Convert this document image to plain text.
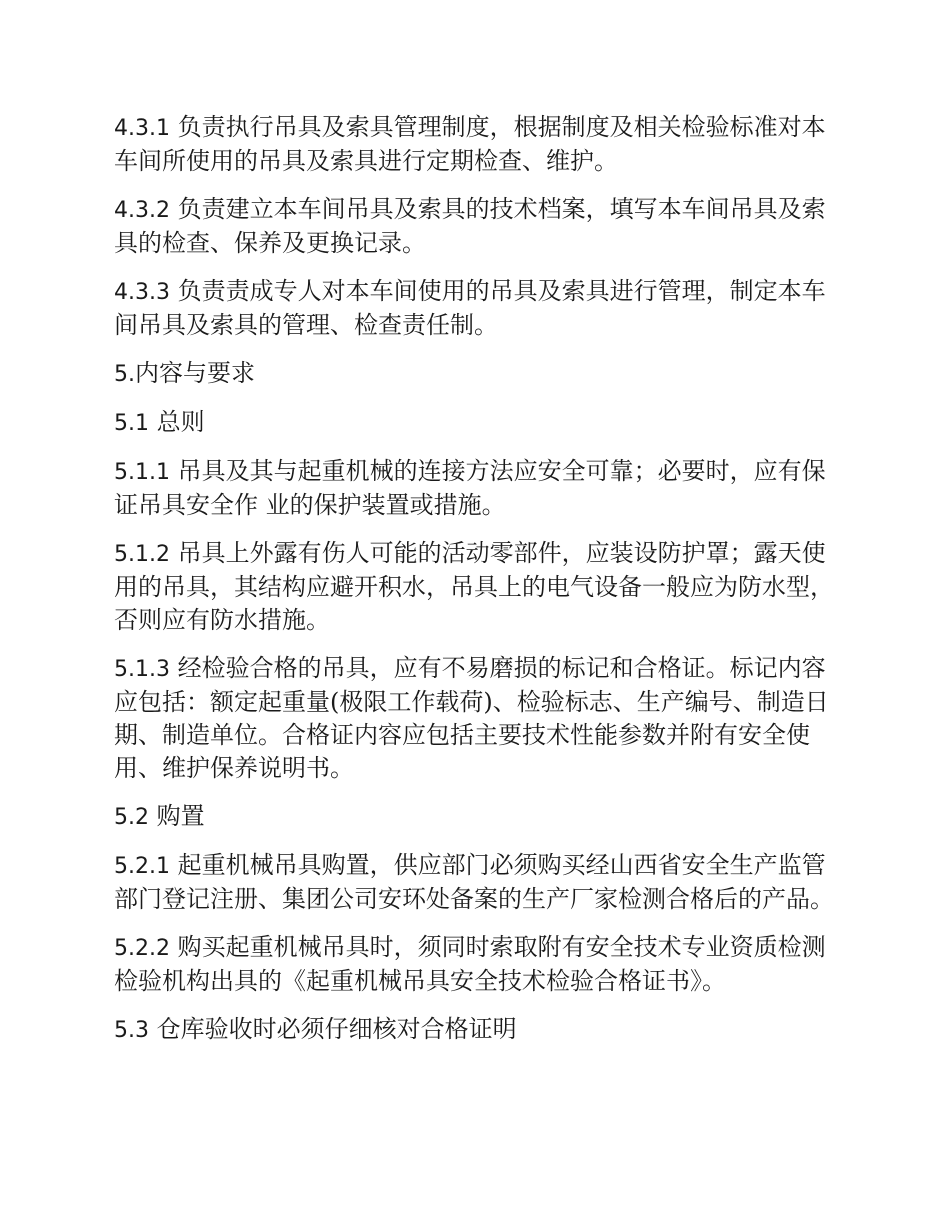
4.3.1 负责执行吊具及索具管理制度，根据制度及相关检验标准对本车间所使用的吊具及索具进行定期检查、维护。

4.3.2 负责建立本车间吊具及索具的技术档案，填写本车间吊具及索具的检查、保养及更换记录。

4.3.3 负责责成专人对本车间使用的吊具及索具进行管理，制定本车间吊具及索具的管理、检查责任制。

5.内容与要求

5.1 总则

5.1.1 吊具及其与起重机械的连接方法应安全可靠；必要时，应有保证吊具安全作 业的保护装置或措施。

5.1.2 吊具上外露有伤人可能的活动零部件，应装设防护罩；露天使用的吊具，其结构应避开积水，吊具上的电气设备一般应为防水型，否则应有防水措施。

5.1.3 经检验合格的吊具，应有不易磨损的标记和合格证。标记内容应包括：额定起重量(极限工作载荷)、检验标志、生产编号、制造日期、制造单位。合格证内容应包括主要技术性能参数并附有安全使用、维护保养说明书。

5.2 购置

5.2.1 起重机械吊具购置，供应部门必须购买经山西省安全生产监管部门登记注册、集团公司安环处备案的生产厂家检测合格后的产品。

5.2.2 购买起重机械吊具时，须同时索取附有安全技术专业资质检测检验机构出具的《起重机械吊具安全技术检验合格证书》。

5.3 仓库验收时必须仔细核对合格证明
